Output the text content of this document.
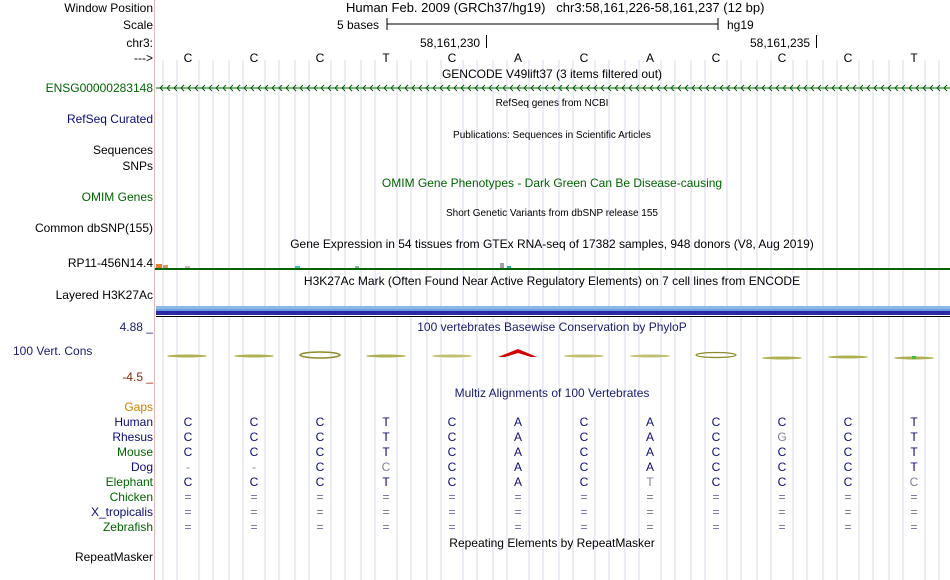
Window Position
Scale
chr3:
--->
Human Feb. 2009 (GRCh37/hg19) chr3:58,161,226-58,161,237 (12 bp)
5 bases	hg19
58,161,230	58,161,235
C	C	C	T	C	A	C	A	C	C	C	T
GENCODE V49lift37 (3 items filtered out)
ENSG00000283148
RefSeq genes from NCBI
RefSeq Curated
Publications: Sequences in Scientific Articles
Sequences
SNPs
OMIM Gene Phenotypes - Dark Green Can Be Disease-causing
OMIM Genes
Short Genetic Variants from dbSNP release 155
Common dbSNP(155)
Gene Expression in 54 tissues from GTEx RNA-seq of 17382 samples, 948 donors (V8, Aug 2019)
RP11-456N14.4
H3K27Ac Mark (Often Found Near Active Regulatory Elements) on 7 cell lines from ENCODE
Layered H3K27Ac
4.88 _	100 vertebrates Basewise Conservation by PhyloP
100 Vert. Cons
-4.5 _
Multiz Alignments of 100 Vertebrates
Gaps
Human	C	C	C	T	C	A	C	A	C	C	C	T
Rhesus	C	C	C	T	C	A	C	A	C	G	C	T
Mouse	C	C	C	T	C	A	C	A	C	C	C	T
Dog	-	-	C	C	C	A	C	A	C	C	C	T
Elephant	C	C	C	T	C	A	C	T	C	C	C	C
Chicken	=	=	=	=	=	=	=	=	=	=	=	=
X_tropicalis	=	=	=	=	=	=	=	=	=	=	=	=
Zebrafish	=	=	=	=	=	=	=	=	=	=	=	=
Repeating Elements by RepeatMasker
RepeatMasker
